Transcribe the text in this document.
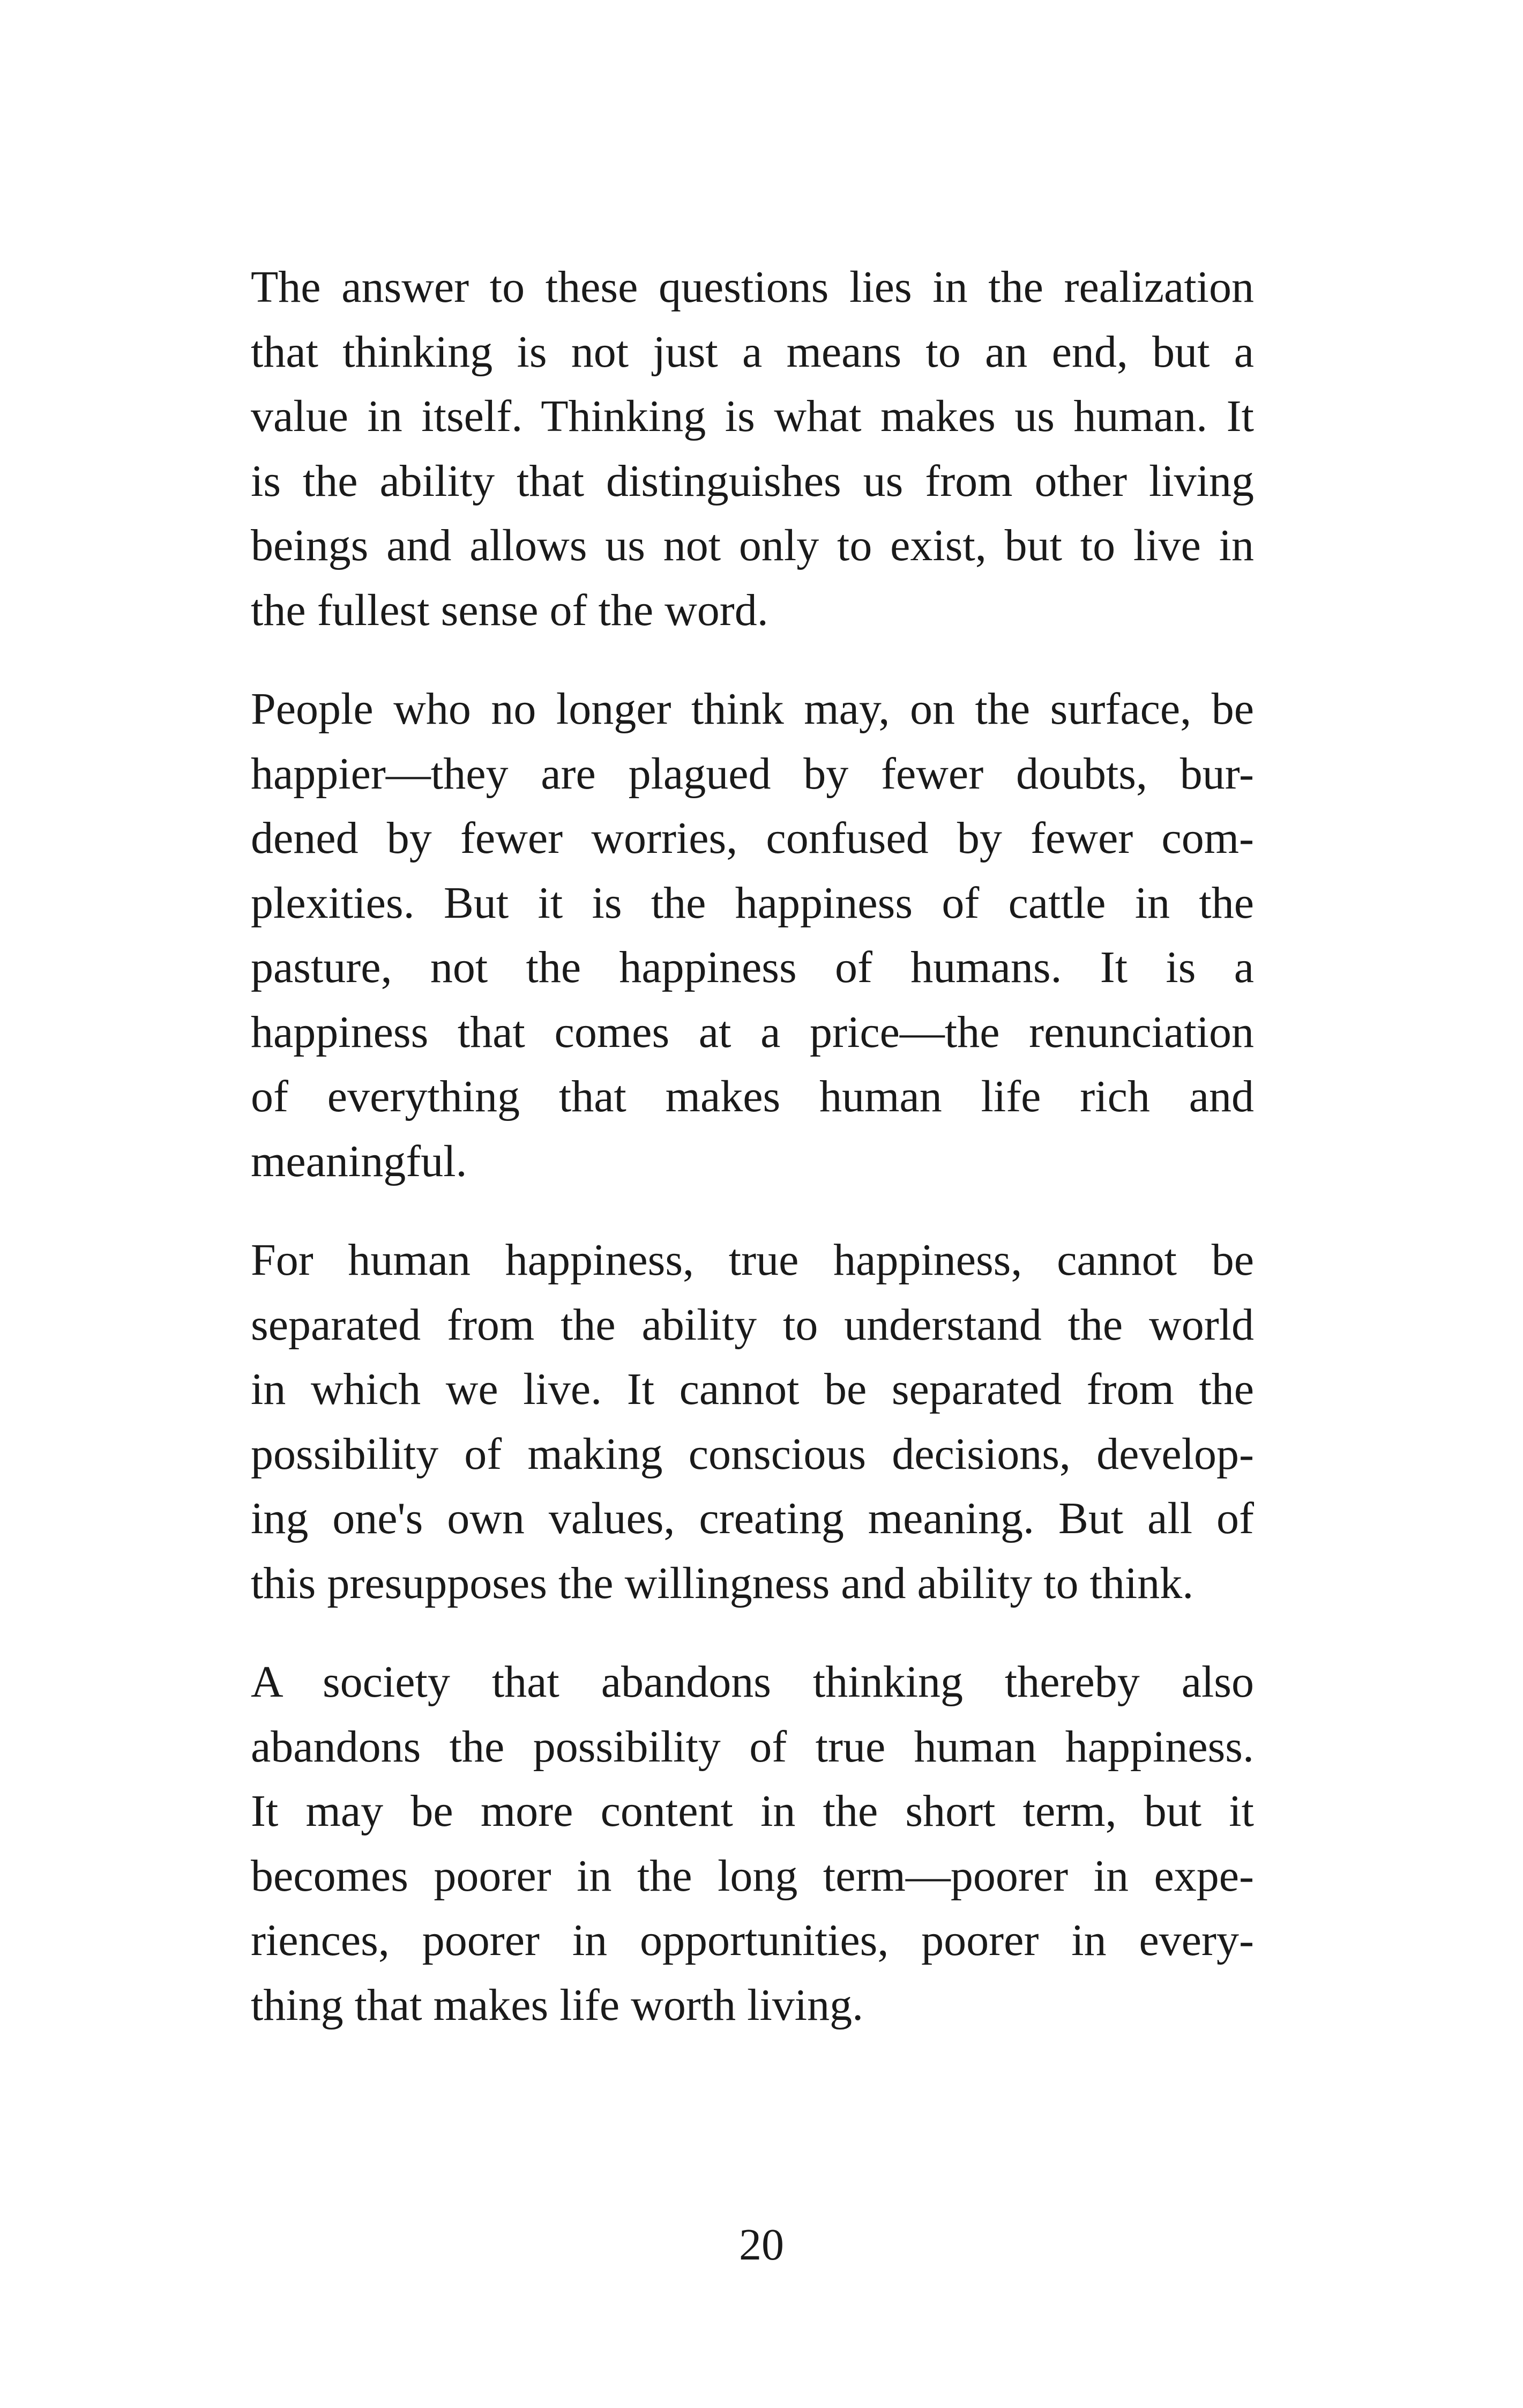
The answer to these questions lies in the realization
that thinking is not just a means to an end, but a
value in itself. Thinking is what makes us human. It
is the ability that distinguishes us from other living
beings and allows us not only to exist, but to live in
the fullest sense of the word.
People who no longer think may, on the surface, be
happier—they are plagued by fewer doubts, bur-
dened by fewer worries, confused by fewer com-
plexities. But it is the happiness of cattle in the
pasture, not the happiness of humans. It is a
happiness that comes at a price—the renunciation
of everything that makes human life rich and
meaningful.
For human happiness, true happiness, cannot be
separated from the ability to understand the world
in which we live. It cannot be separated from the
possibility of making conscious decisions, develop-
ing one's own values, creating meaning. But all of
this presupposes the willingness and ability to think.
A society that abandons thinking thereby also
abandons the possibility of true human happiness.
It may be more content in the short term, but it
becomes poorer in the long term—poorer in expe-
riences, poorer in opportunities, poorer in every-
thing that makes life worth living.
20
